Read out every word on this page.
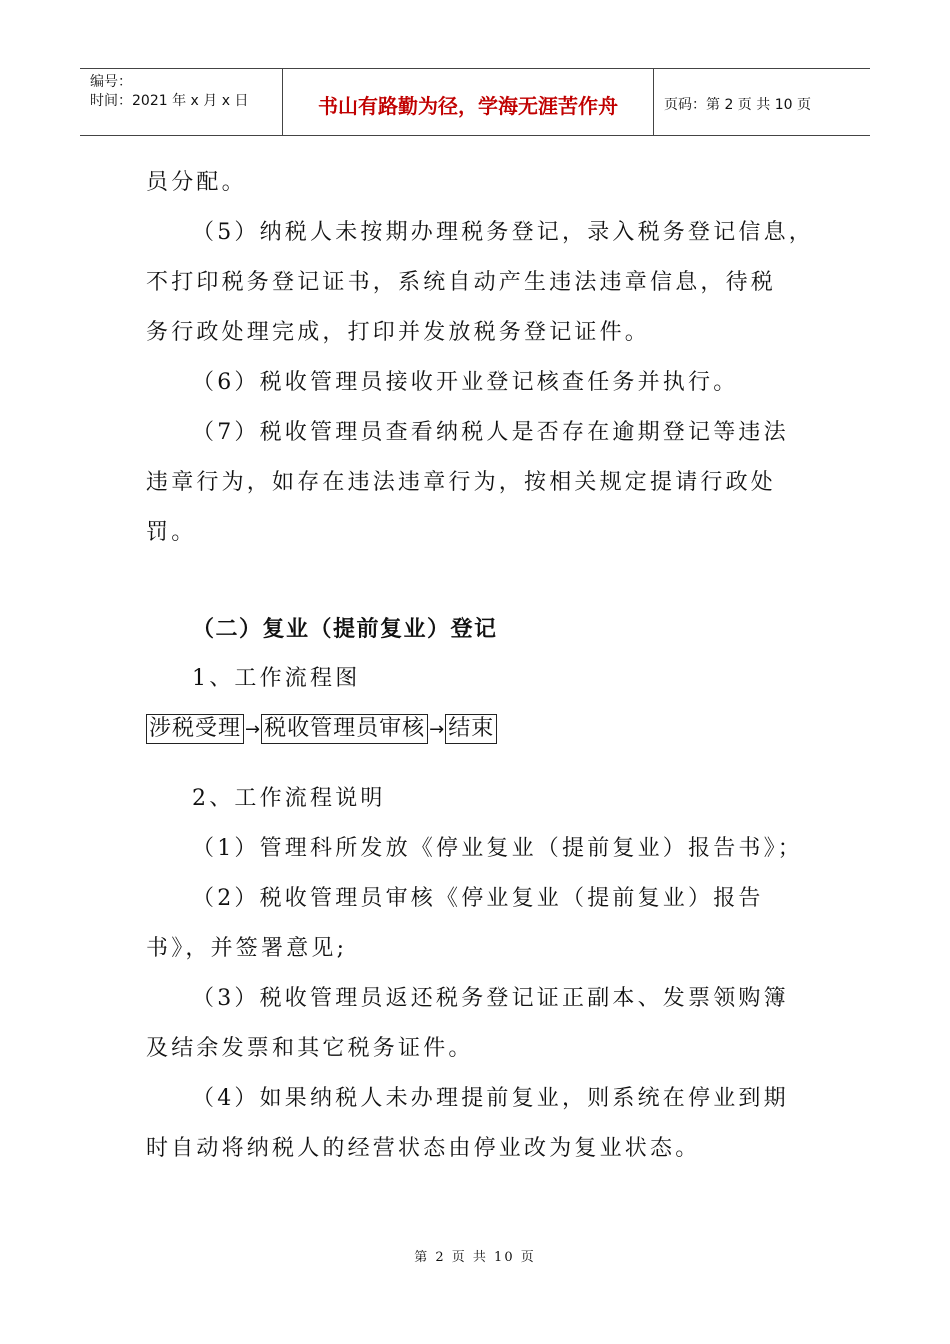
编号：
时间：2021 年 x 月 x 日	书山有路勤为径，学海无涯苦作舟	页码：第 2 页 共 10 页

员分配。

（5）纳税人未按期办理税务登记，录入税务登记信息，

不打印税务登记证书，系统自动产生违法违章信息，待税

务行政处理完成，打印并发放税务登记证件。

（6）税收管理员接收开业登记核查任务并执行。

（7）税收管理员查看纳税人是否存在逾期登记等违法

违章行为，如存在违法违章行为，按相关规定提请行政处

罚。

（二）复业（提前复业）登记

1、工作流程图

涉税受理 → 税收管理员审核 → 结束

2、工作流程说明

（1）管理科所发放《停业复业（提前复业）报告书》；

（2）税收管理员审核《停业复业（提前复业）报告

书》，并签署意见;

（3）税收管理员返还税务登记证正副本、发票领购簿

及结余发票和其它税务证件。

（4）如果纳税人未办理提前复业，则系统在停业到期

时自动将纳税人的经营状态由停业改为复业状态。

第 2 页 共 10 页
